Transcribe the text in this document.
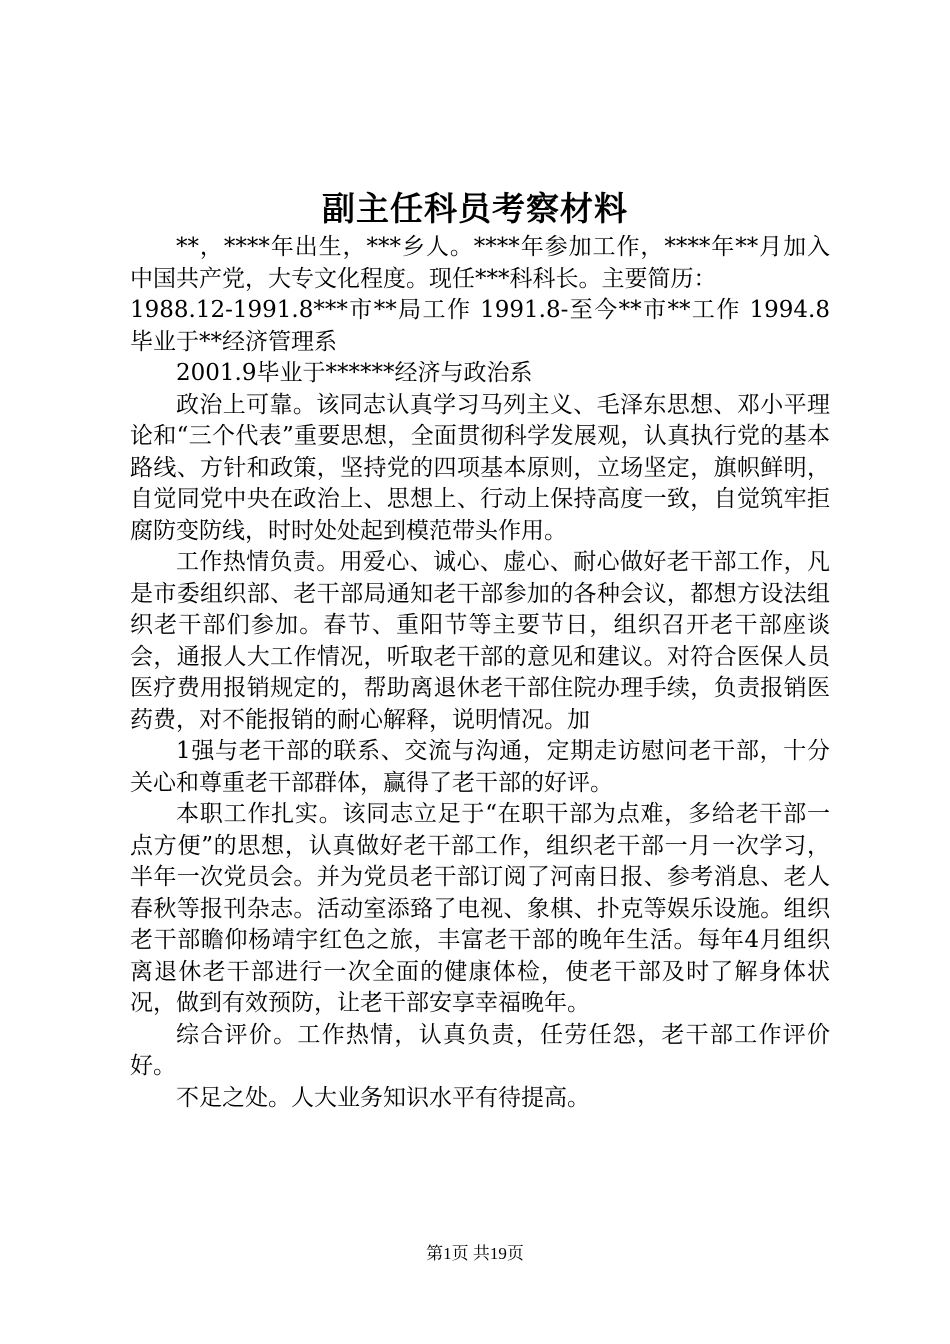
副主任科员考察材料

**，****年出生，***乡人。****年参加工作，****年**月加入中国共产党，大专文化程度。现任***科科长。主要简历：

1988.12-1991.8***市**局工作 1991.8-至今**市**工作 1994.8毕业于**经济管理系

2001.9毕业于******经济与政治系

政治上可靠。该同志认真学习马列主义、毛泽东思想、邓小平理论和“三个代表”重要思想，全面贯彻科学发展观，认真执行党的基本路线、方针和政策，坚持党的四项基本原则，立场坚定，旗帜鲜明，自觉同党中央在政治上、思想上、行动上保持高度一致，自觉筑牢拒腐防变防线，时时处处起到模范带头作用。

工作热情负责。用爱心、诚心、虚心、耐心做好老干部工作，凡是市委组织部、老干部局通知老干部参加的各种会议，都想方设法组织老干部们参加。春节、重阳节等主要节日，组织召开老干部座谈会，通报人大工作情况，听取老干部的意见和建议。对符合医保人员医疗费用报销规定的，帮助离退休老干部住院办理手续，负责报销医药费，对不能报销的耐心解释，说明情况。加

1强与老干部的联系、交流与沟通，定期走访慰问老干部，十分关心和尊重老干部群体，赢得了老干部的好评。

本职工作扎实。该同志立足于“在职干部为点难，多给老干部一点方便”的思想，认真做好老干部工作，组织老干部一月一次学习，半年一次党员会。并为党员老干部订阅了河南日报、参考消息、老人春秋等报刊杂志。活动室添臵了电视、象棋、扑克等娱乐设施。组织老干部瞻仰杨靖宇红色之旅，丰富老干部的晚年生活。每年4月组织离退休老干部进行一次全面的健康体检，使老干部及时了解身体状况，做到有效预防，让老干部安享幸福晚年。

综合评价。工作热情，认真负责，任劳任怨，老干部工作评价好。

不足之处。人大业务知识水平有待提高。

第1页 共19页
